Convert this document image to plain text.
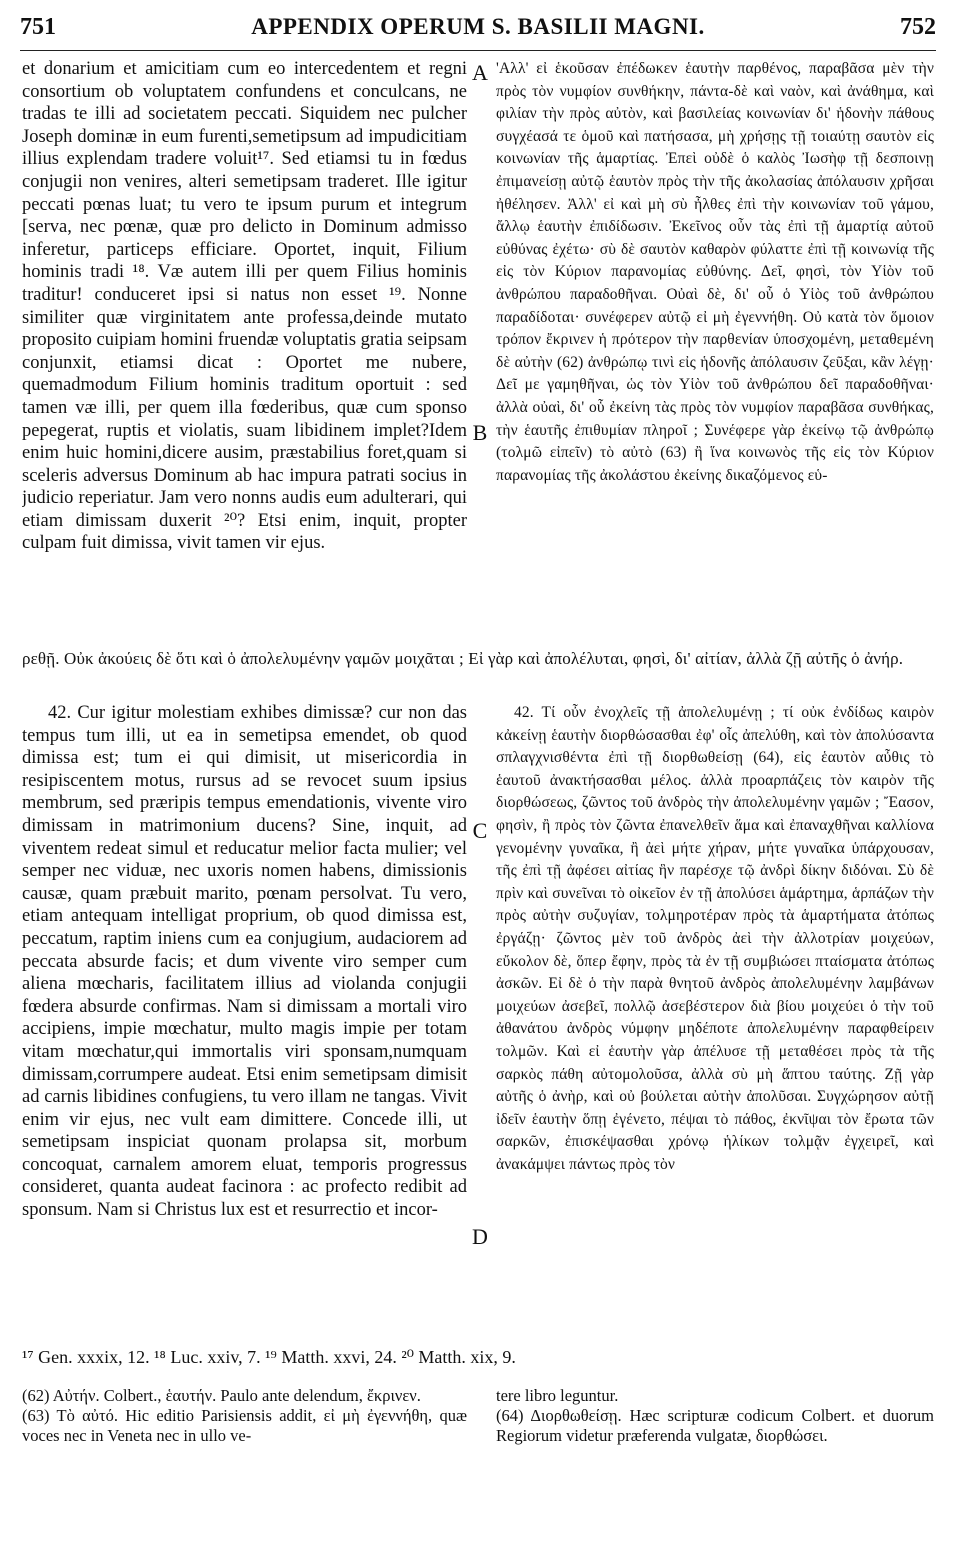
751	APPENDIX OPERUM S. BASILII MAGNI.	752

et donarium et amicitiam cum eo intercedentem et regni consortium ob voluptatem confundens et conculcans, ne tradas te illi ad societatem peccati. Siquidem nec pulcher Joseph dominæ in eum furenti,semetipsum ad impudicitiam illius explendam tradere voluit¹⁷. Sed etiamsi tu in fœdus conjugii non venires, alteri semetipsam traderet. Ille igitur peccati pœnas luat; tu vero te ipsum purum et integrum [serva, nec pœnæ, quæ pro delicto in Dominum admisso inferetur, particeps efficiare. Oportet, inquit, Filium hominis tradi ¹⁸. Væ autem illi per quem Filius hominis traditur! conduceret ipsi si natus non esset ¹⁹. Nonne similiter quæ virginitatem ante professa,deinde mutato proposito cuipiam homini fruendæ voluptatis gratia seipsam conjunxit, etiamsi dicat : Oportet me nubere, quemadmodum Filium hominis traditum oportuit : sed tamen væ illi, per quem illa fœderibus, quæ cum sponso pepegerat, ruptis et violatis, suam libidinem implet?Idem enim huic homini,dicere ausim, præstabilius foret,quam si sceleris adversus Dominum ab hac impura patrati socius in judicio reperiatur. Jam vero nonns audis eum adulterari, qui etiam dimissam duxerit ²⁰? Etsi enim, inquit, propter culpam fuit dimissa, vivit tamen vir ejus.

'Αλλ' εἰ ἑκοῦσαν ἐπέδωκεν ἑαυτὴν παρθένος, παραβᾶσα μὲν τὴν πρὸς τὸν νυμφίον συνθήκην, πάντα-δὲ καὶ ναὸν, καὶ ἀνάθημα, καὶ φιλίαν τὴν πρὸς αὐτὸν, καὶ βασιλείας κοινωνίαν δι' ἡδονὴν πάθους συγχέασά τε ὁμοῦ καὶ πατήσασα, μὴ χρήσῃς τῇ τοιαύτῃ σαυτὸν εἰς κοινωνίαν τῆς ἁμαρτίας. Ἐπεὶ οὐδὲ ὁ καλὸς Ἰωσὴφ τῇ δεσποινῃ ἐπιμανείσῃ αὐτῷ ἑαυτὸν πρὸς τὴν τῆς ἀκολασίας ἀπόλαυσιν χρῆσαι ἠθέλησεν. Ἀλλ' εἰ καὶ μὴ σὺ ἦλθες ἐπὶ τὴν κοινωνίαν τοῦ γάμου, ἄλλῳ ἑαυτὴν ἐπιδίδωσιν. Ἐκεῖνος οὖν τὰς ἐπὶ τῇ ἁμαρτίᾳ αὐτοῦ εὐθύνας ἐχέτω· σὺ δὲ σαυτὸν καθαρὸν φύλαττε ἐπὶ τῇ κοινωνίᾳ τῆς εἰς τὸν Κύριον παρανομίας εὐθύνης. Δεῖ, φησὶ, τὸν Υἱὸν τοῦ ἀνθρώπου παραδοθῆναι. Οὐαὶ δὲ, δι' οὗ ὁ Υἱὸς τοῦ ἀνθρώπου παραδίδοται· συνέφερεν αὐτῷ εἰ μὴ ἐγεννήθη. Οὐ κατὰ τὸν ὅμοιον τρόπον ἔκρινεν ἡ πρότερον τὴν παρθενίαν ὑποσχομένη, μεταθεμένη δὲ αὐτὴν (62) ἀνθρώπῳ τινὶ εἰς ἡδονῆς ἀπόλαυσιν ζεῦξαι, κἂν λέγῃ· Δεῖ με γαμηθῆναι, ὡς τὸν Υἱὸν τοῦ ἀνθρώπου δεῖ παραδοθῆναι· ἀλλὰ οὐαὶ, δι' οὗ ἐκείνη τὰς πρὸς τὸν νυμφίον παραβᾶσα συνθήκας, τὴν ἑαυτῆς ἐπιθυμίαν πληροῖ ; Συνέφερε γὰρ ἐκείνῳ τῷ ἀνθρώπῳ (τολμῶ εἰπεῖν) τὸ αὐτὸ (63) ἢ ἵνα κοινωνὸς τῆς εἰς τὸν Κύριον παρανομίας τῆς ἀκολάστου ἐκείνης δικαζόμενος εὑ-

ρεθῇ. Οὐκ ἀκούεις δὲ ὅτι καὶ ὁ ἀπολελυμένην γαμῶν μοιχᾶται ; Εἰ γὰρ καὶ ἀπολέλυται, φησὶ, δι' αἰτίαν, ἀλλὰ ζῇ αὐτῆς ὁ ἀνήρ.

42. Cur igitur molestiam exhibes dimissæ? cur non das tempus tum illi, ut ea in semetipsa emendet, ob quod dimissa est; tum ei qui dimisit, ut misericordia in resipiscentem motus, rursus ad se revocet suum ipsius membrum, sed præripis tempus emendationis, vivente viro dimissam in matrimonium ducens? Sine, inquit, ad viventem redeat simul et reducatur melior facta mulier; vel semper nec viduæ, nec uxoris nomen habens, dimissionis causæ, quam præbuit marito, pœnam persolvat. Tu vero, etiam antequam intelligat proprium, ob quod dimissa est, peccatum, raptim iniens cum ea conjugium, audaciorem ad peccata absurde facis; et dum vivente viro semper cum aliena mœcharis, facilitatem illius ad violanda conjugii fœdera absurde confirmas. Nam si dimissam a mortali viro accipiens, impie mœchatur, multo magis impie per totam vitam mœchatur,qui immortalis viri sponsam,numquam dimissam,corrumpere audeat. Etsi enim semetipsam dimisit ad carnis libidines confugiens, tu vero illam ne tangas. Vivit enim vir ejus, nec vult eam dimittere. Concede illi, ut semetipsam inspiciat quonam prolapsa sit, morbum concoquat, carnalem amorem eluat, temporis progressus consideret, quanta audeat facinora : ac profecto redibit ad sponsum. Nam si Christus lux est et resurrectio et incor-

42. Τί οὖν ἐνοχλεῖς τῇ ἀπολελυμένῃ ; τί οὐκ ἐνδίδως καιρὸν κἀκείνῃ ἑαυτὴν διορθώσασθαι ἐφ' οἷς ἀπελύθη, καὶ τὸν ἀπολύσαντα σπλαγχνισθέντα ἐπὶ τῇ διορθωθείσῃ (64), εἰς ἑαυτὸν αὖθις τὸ ἑαυτοῦ ἀνακτήσασθαι μέλος. ἀλλὰ προαρπάζεις τὸν καιρὸν τῆς διορθώσεως, ζῶντος τοῦ ἀνδρὸς τὴν ἀπολελυμένην γαμῶν ; Ἔασον, φησὶν, ἢ πρὸς τὸν ζῶντα ἐπανελθεῖν ἅμα καὶ ἐπαναχθῆναι καλλίονα γενομένην γυναῖκα, ἢ ἀεὶ μήτε χήραν, μήτε γυναῖκα ὑπάρχουσαν, τῆς ἐπὶ τῇ ἀφέσει αἰτίας ἣν παρέσχε τῷ ἀνδρὶ δίκην διδόναι. Σὺ δὲ πρὶν καὶ συνεῖναι τὸ οἰκεῖον ἐν τῇ ἀπολύσει ἁμάρτημα, ἁρπάζων τὴν πρὸς αὐτὴν συζυγίαν, τολμηροτέραν πρὸς τὰ ἁμαρτήματα ἀτόπως ἐργάζῃ· ζῶντος μὲν τοῦ ἀνδρὸς ἀεὶ τὴν ἀλλοτρίαν μοιχεύων, εὔκολον δὲ, ὅπερ ἔφην, πρὸς τὰ ἐν τῇ συμβιώσει πταίσματα ἀτόπως ἀσκῶν. Εἰ δὲ ὁ τὴν παρὰ θνητοῦ ἀνδρὸς ἀπολελυμένην λαμβάνων μοιχεύων ἀσεβεῖ, πολλῷ ἀσεβέστερον διὰ βίου μοιχεύει ὁ τὴν τοῦ ἀθανάτου ἀνδρὸς νύμφην μηδέποτε ἀπολελυμένην παραφθείρειν τολμῶν. Καὶ εἰ ἑαυτὴν γὰρ ἀπέλυσε τῇ μεταθέσει πρὸς τὰ τῆς σαρκὸς πάθη αὐτομολοῦσα, ἀλλὰ σὺ μὴ ἅπτου ταύτης. Ζῇ γὰρ αὐτῆς ὁ ἀνὴρ, καὶ οὐ βούλεται αὐτὴν ἀπολῦσαι. Συγχώρησον αὐτῇ ἰδεῖν ἑαυτὴν ὅπῃ ἐγένετο, πέψαι τὸ πάθος, ἐκνῖψαι τὸν ἔρωτα τῶν σαρκῶν, ἐπισκέψασθαι χρόνῳ ἡλίκων τολμᾷν ἐγχειρεῖ, καὶ ἀνακάμψει πάντως πρὸς τὸν

A
B
C
D
¹⁷ Gen. xxxix, 12. ¹⁸ Luc. xxiv, 7. ¹⁹ Matth. xxvi, 24. ²⁰ Matth. xix, 9.

(62) Αὐτήν. Colbert., ἑαυτήν. Paulo ante delendum, ἔκρινεν.

(63) Τὸ αὐτό. Hic editio Parisiensis addit, εἰ μὴ ἐγεννήθη, quæ voces nec in Veneta nec in ullo ve-

tere libro leguntur.

(64) Διορθωθείσῃ. Hæc scripturæ codicum Colbert. et duorum Regiorum videtur præferenda vulgatæ, διορθώσει.
